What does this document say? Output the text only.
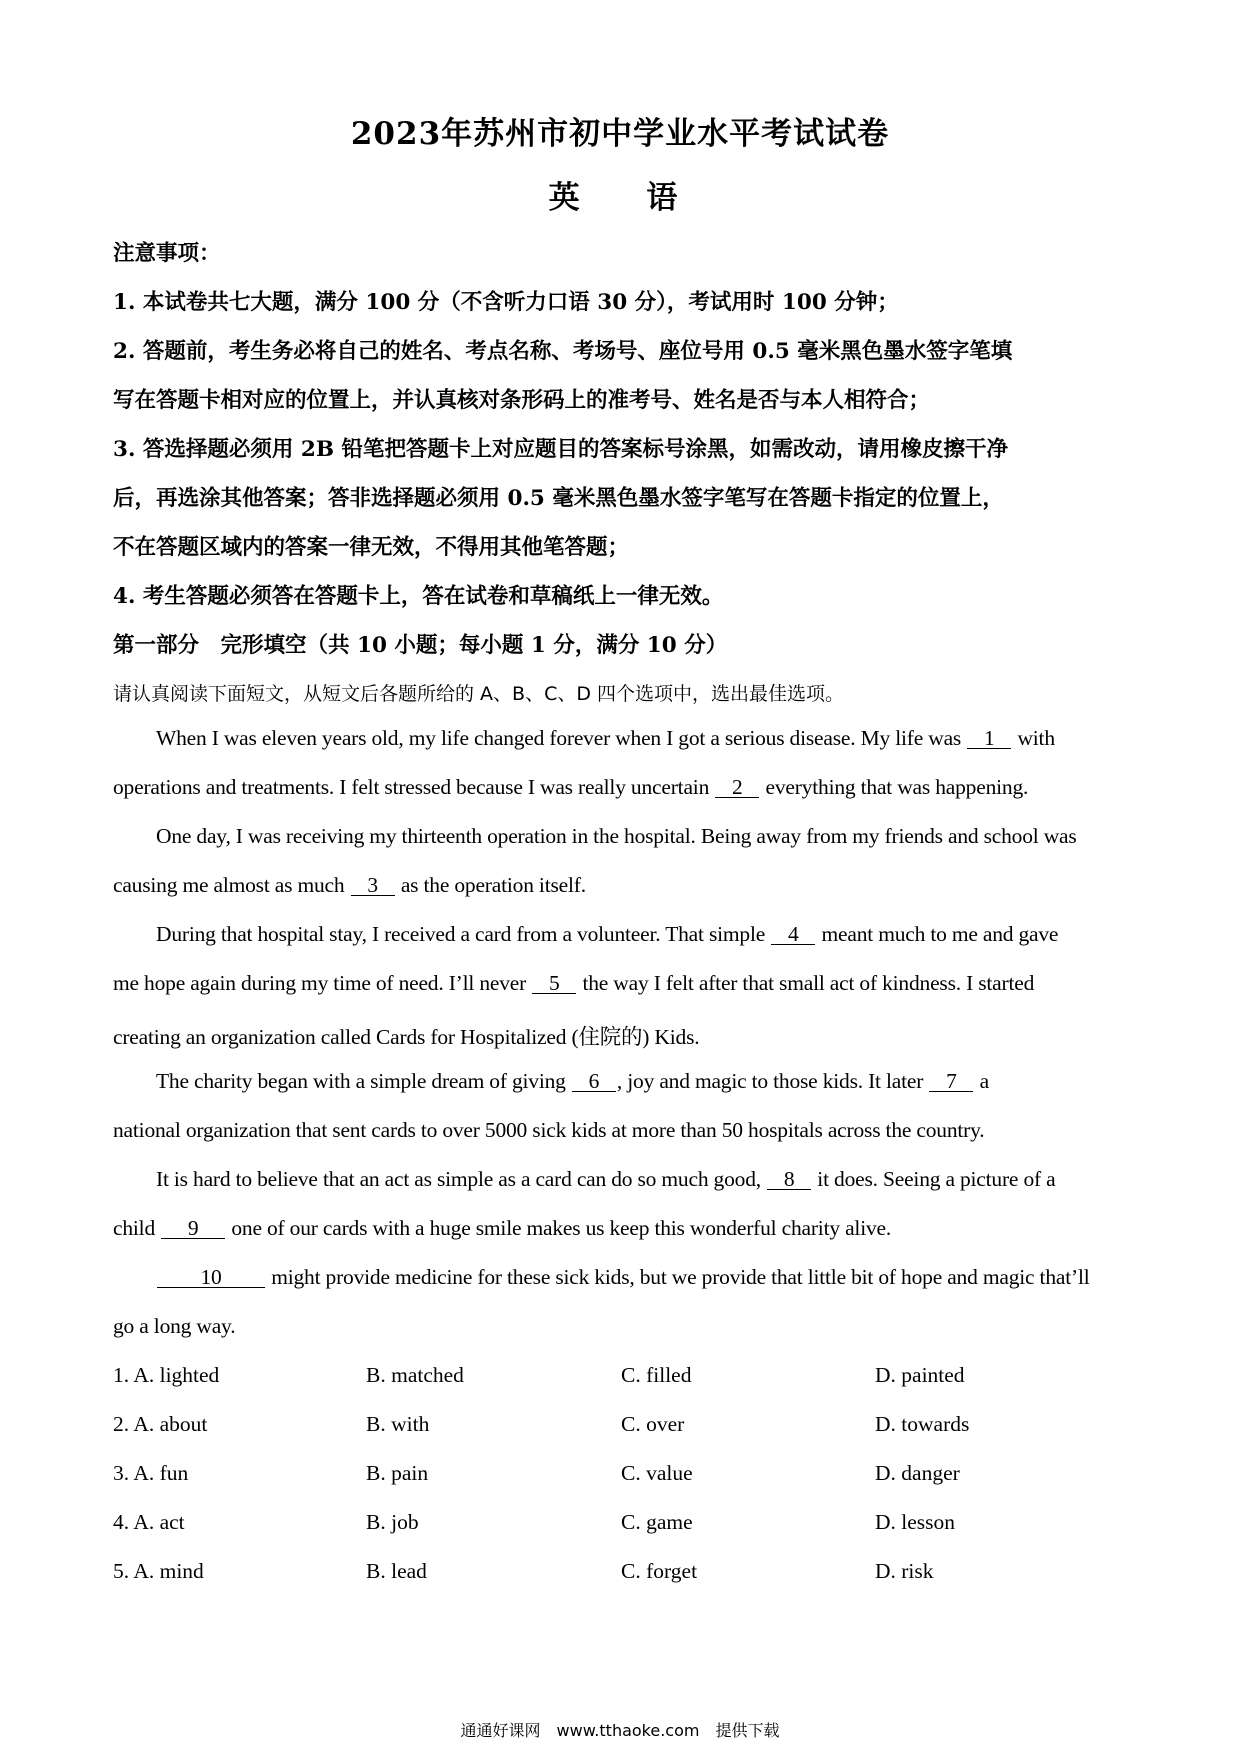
2023年苏州市初中学业水平考试试卷
英 语
注意事项：
1. 本试卷共七大题，满分 100 分（不含听力口语 30 分），考试用时 100 分钟；
2. 答题前，考生务必将自己的姓名、考点名称、考场号、座位号用 0.5 毫米黑色墨水签字笔填
写在答题卡相对应的位置上，并认真核对条形码上的准考号、姓名是否与本人相符合；
3. 答选择题必须用 2B 铅笔把答题卡上对应题目的答案标号涂黑，如需改动，请用橡皮擦干净
后，再选涂其他答案；答非选择题必须用 0.5 毫米黑色墨水签字笔写在答题卡指定的位置上，
不在答题区域内的答案一律无效，不得用其他笔答题；
4. 考生答题必须答在答题卡上，答在试卷和草稿纸上一律无效。
第一部分　完形填空（共 10 小题；每小题 1 分，满分 10 分）
请认真阅读下面短文，从短文后各题所给的 A、B、C、D 四个选项中，选出最佳选项。
When I was eleven years old, my life changed forever when I got a serious disease. My life was 1 with
operations and treatments. I felt stressed because I was really uncertain 2 everything that was happening.
One day, I was receiving my thirteenth operation in the hospital. Being away from my friends and school was
causing me almost as much 3 as the operation itself.
During that hospital stay, I received a card from a volunteer. That simple 4 meant much to me and gave
me hope again during my time of need. I’ll never 5 the way I felt after that small act of kindness. I started
creating an organization called Cards for Hospitalized (住院的) Kids.
The charity began with a simple dream of giving 6 , joy and magic to those kids. It later 7 a
national organization that sent cards to over 5000 sick kids at more than 50 hospitals across the country.
It is hard to believe that an act as simple as a card can do so much good, 8 it does. Seeing a picture of a
child 9 one of our cards with a huge smile makes us keep this wonderful charity alive.
10 might provide medicine for these sick kids, but we provide that little bit of hope and magic that’ll
go a long way.
1. A. lighted	B. matched	C. filled	D. painted
2. A. about	B. with	C. over	D. towards
3. A. fun	B. pain	C. value	D. danger
4. A. act	B. job	C. game	D. lesson
5. A. mind	B. lead	C. forget	D. risk
通通好课网　www.tthaoke.com　提供下载
